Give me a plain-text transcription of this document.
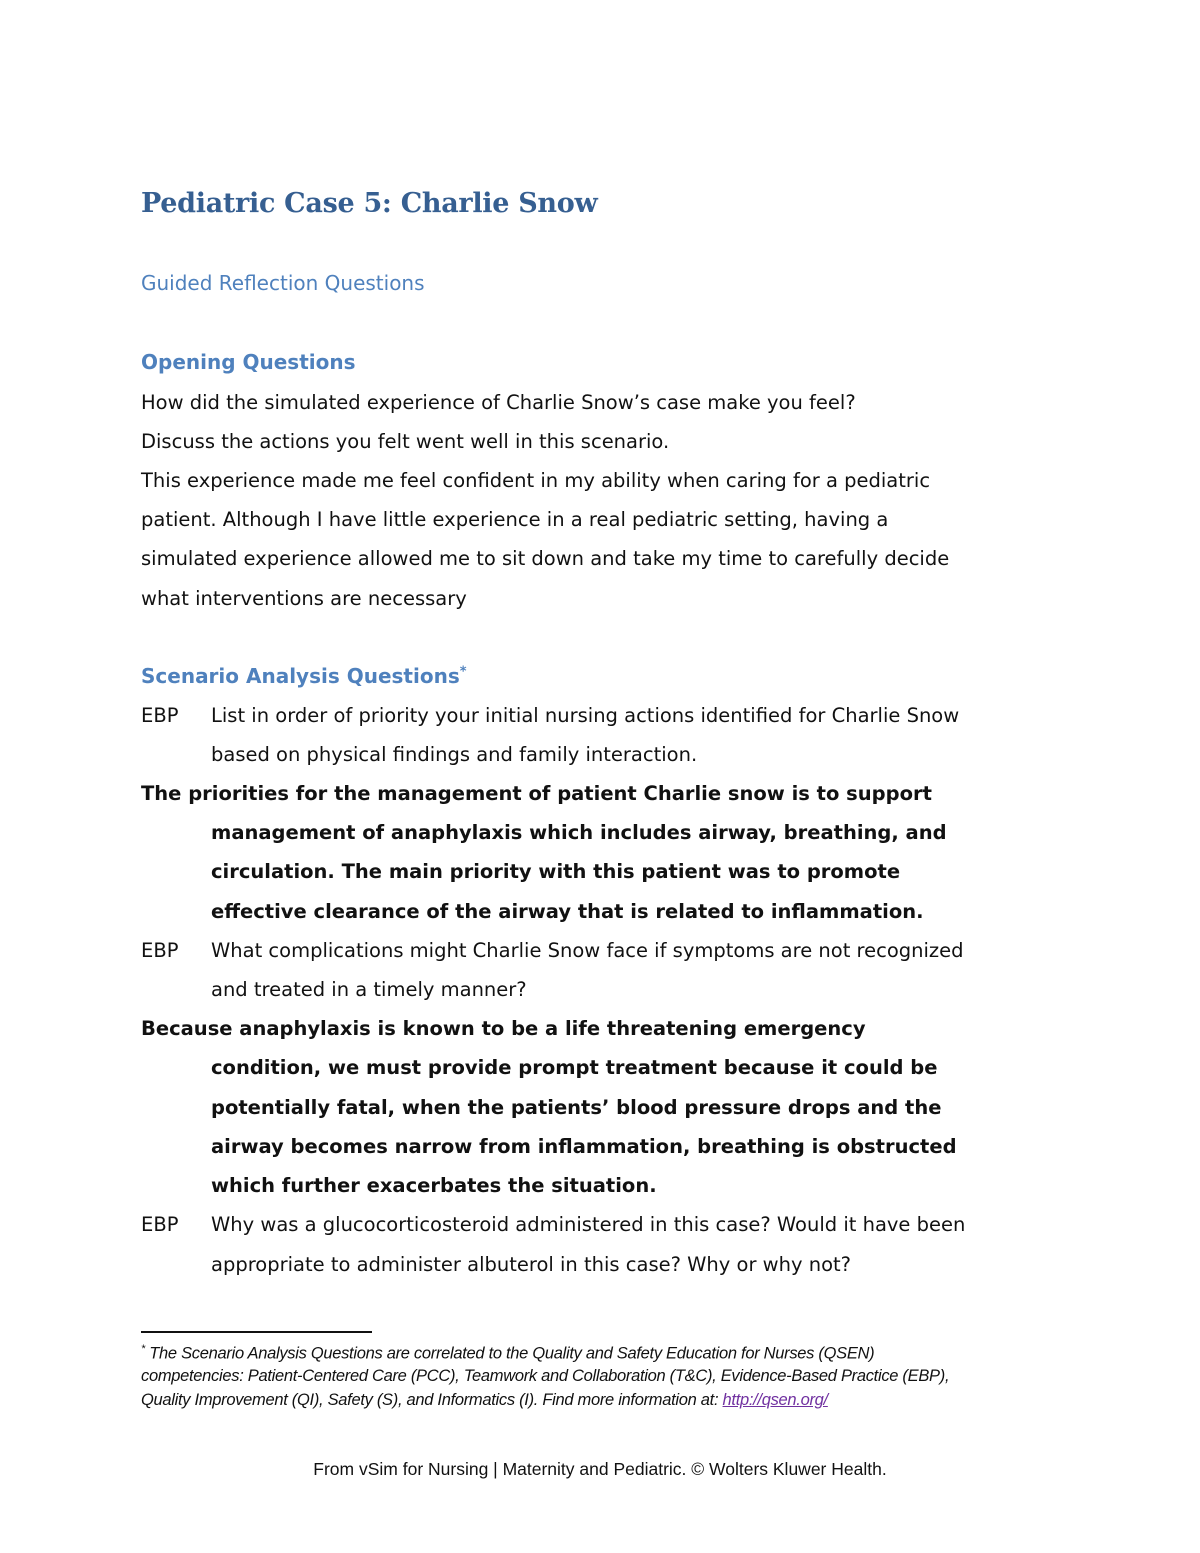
Pediatric Case 5: Charlie Snow
Guided Reflection Questions
Opening Questions
How did the simulated experience of Charlie Snow’s case make you feel?
Discuss the actions you felt went well in this scenario.
This experience made me feel confident in my ability when caring for a pediatric
patient. Although I have little experience in a real pediatric setting, having a
simulated experience allowed me to sit down and take my time to carefully decide
what interventions are necessary
Scenario Analysis Questions*
EBP List in order of priority your initial nursing actions identified for Charlie Snow
based on physical findings and family interaction.
The priorities for the management of patient Charlie snow is to support
management of anaphylaxis which includes airway, breathing, and
circulation. The main priority with this patient was to promote
effective clearance of the airway that is related to inflammation.
EBP What complications might Charlie Snow face if symptoms are not recognized
and treated in a timely manner?
Because anaphylaxis is known to be a life threatening emergency
condition, we must provide prompt treatment because it could be
potentially fatal, when the patients’ blood pressure drops and the
airway becomes narrow from inflammation, breathing is obstructed
which further exacerbates the situation.
EBP Why was a glucocorticosteroid administered in this case? Would it have been
appropriate to administer albuterol in this case? Why or why not?
* The Scenario Analysis Questions are correlated to the Quality and Safety Education for Nurses (QSEN)
competencies: Patient-Centered Care (PCC), Teamwork and Collaboration (T&C), Evidence-Based Practice (EBP),
Quality Improvement (QI), Safety (S), and Informatics (I). Find more information at: http://qsen.org/
From vSim for Nursing | Maternity and Pediatric. © Wolters Kluwer Health.
